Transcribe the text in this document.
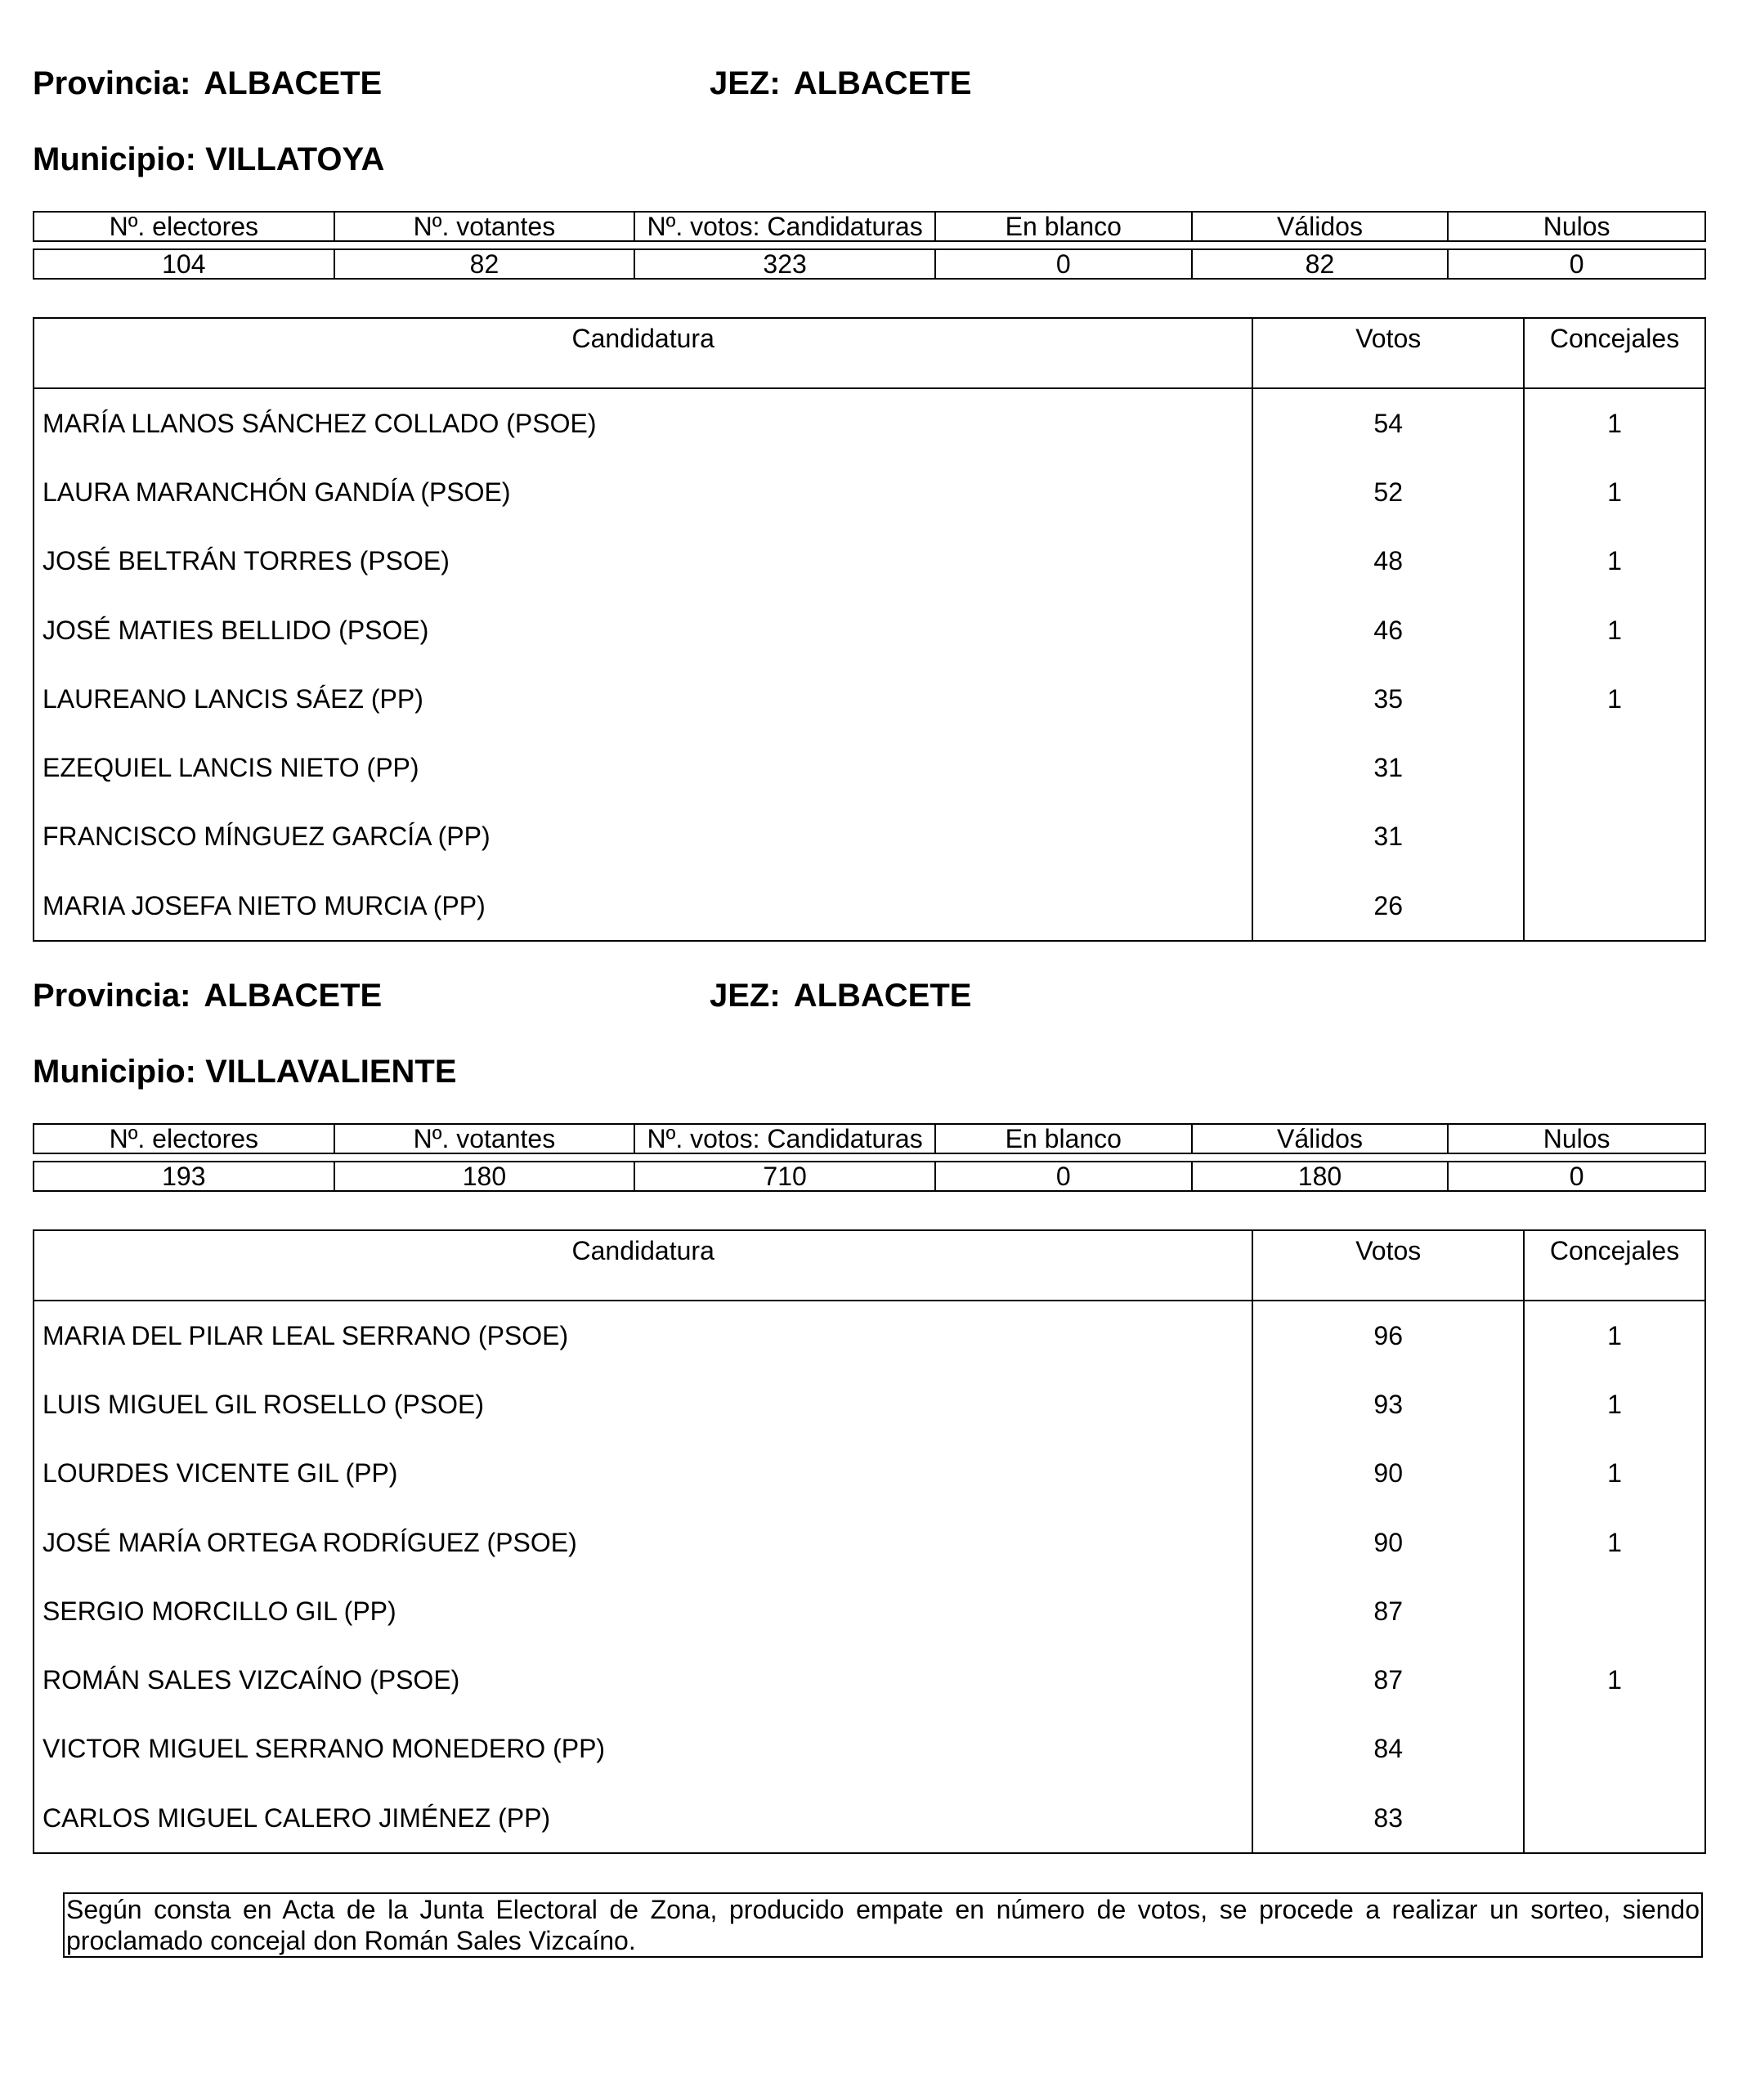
Provincia: ALBACETE	JEZ: ALBACETE
Municipio: VILLATOYA
Nº. electores	Nº. votantes	Nº. votos: Candidaturas	En blanco	Válidos	Nulos

104	82	323	0	82	0
Candidatura	Votos	Concejales
MARÍA LLANOS SÁNCHEZ COLLADO (PSOE)	54	1
LAURA MARANCHÓN GANDÍA (PSOE)	52	1
JOSÉ BELTRÁN TORRES (PSOE)	48	1
JOSÉ MATIES BELLIDO (PSOE)	46	1
LAUREANO LANCIS SÁEZ (PP)	35	1
EZEQUIEL LANCIS NIETO (PP)	31	
FRANCISCO MÍNGUEZ GARCÍA (PP)	31	
MARIA JOSEFA NIETO MURCIA (PP)	26	
Provincia: ALBACETE	JEZ: ALBACETE
Municipio: VILLAVALIENTE
Nº. electores	Nº. votantes	Nº. votos: Candidaturas	En blanco	Válidos	Nulos

193	180	710	0	180	0
Candidatura	Votos	Concejales
MARIA DEL PILAR LEAL SERRANO (PSOE)	96	1
LUIS MIGUEL GIL ROSELLO (PSOE)	93	1
LOURDES VICENTE GIL (PP)	90	1
JOSÉ MARÍA ORTEGA RODRÍGUEZ (PSOE)	90	1
SERGIO MORCILLO GIL (PP)	87	
ROMÁN SALES VIZCAÍNO (PSOE)	87	1
VICTOR MIGUEL SERRANO MONEDERO (PP)	84	
CARLOS MIGUEL CALERO JIMÉNEZ (PP)	83	
Según consta en Acta de la Junta Electoral de Zona, producido empate en número de votos, se procede a realizar un sorteo, siendo proclamado concejal don Román Sales Vizcaíno.
